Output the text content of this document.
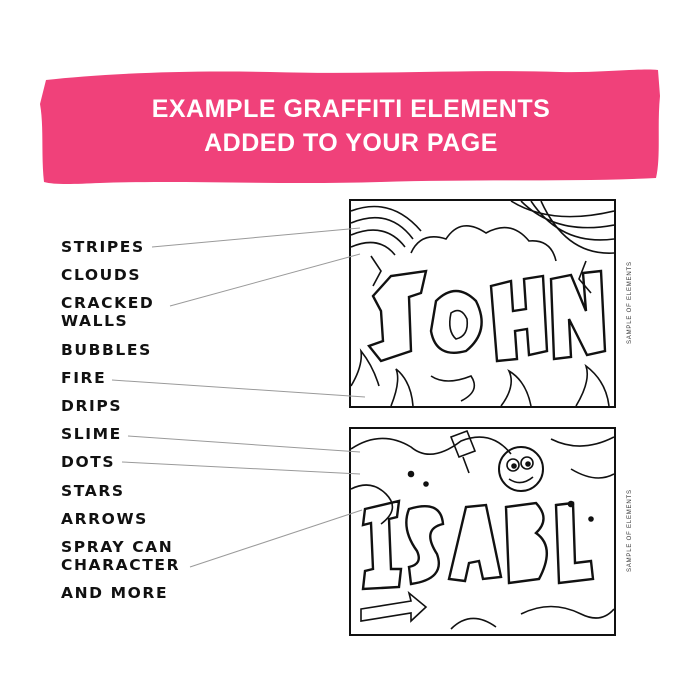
EXAMPLE GRAFFITI ELEMENTS
ADDED TO YOUR PAGE
STRIPES
CLOUDS
CRACKED
WALLS
BUBBLES
FIRE
DRIPS
SLIME
DOTS
STARS
ARROWS
SPRAY CAN
CHARACTER
AND MORE
SAMPLE OF ELEMENTS
SAMPLE OF ELEMENTS
